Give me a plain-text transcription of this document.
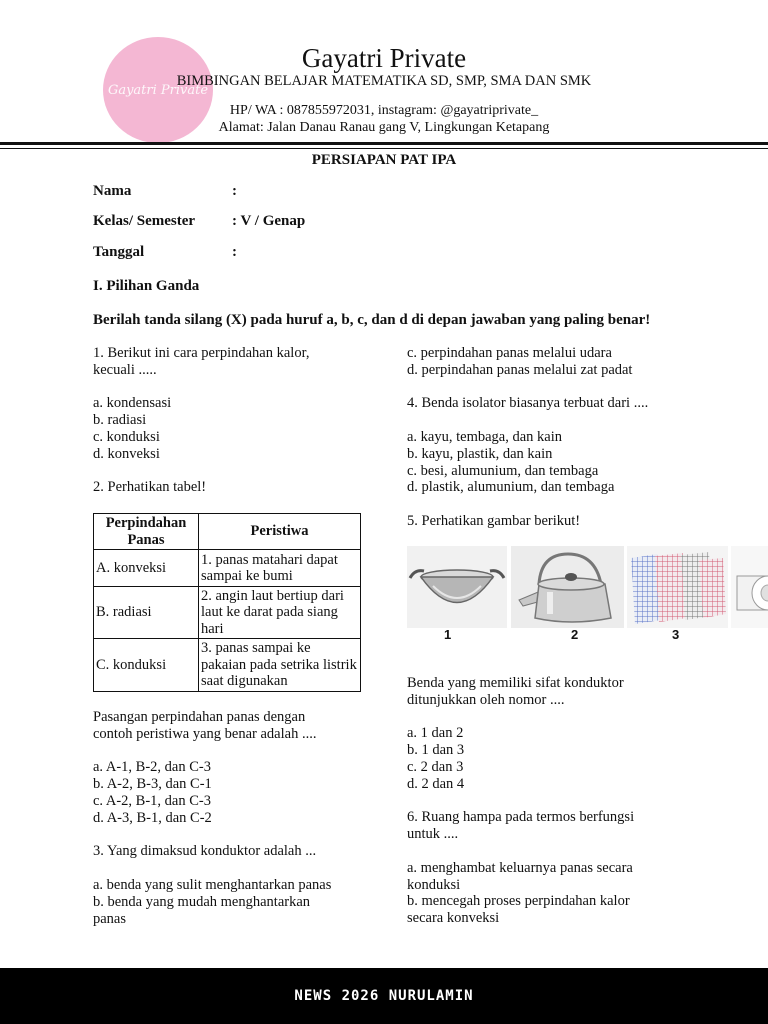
Gayatri Private
Gayatri Private
BIMBINGAN BELAJAR MATEMATIKA SD, SMP, SMA DAN SMK
HP/ WA : 087855972031, instagram: @gayatriprivate_
Alamat: Jalan Danau Ranau gang V, Lingkungan Ketapang
PERSIAPAN PAT IPA
Nama	:
Kelas/ Semester : V / Genap
Tanggal	:
I. Pilihan Ganda
Berilah tanda silang (X) pada huruf a, b, c, dan d di depan jawaban yang paling benar!
1. Berikut ini cara perpindahan kalor,
kecuali .....
a. kondensasi
b. radiasi
c. konduksi
d. konveksi
2. Perhatikan tabel!
Perpindahan Panas	Peristiwa
A. konveksi	1. panas matahari dapat sampai ke bumi
B. radiasi	2. angin laut bertiup dari laut ke darat pada siang hari
C. konduksi	3. panas sampai ke pakaian pada setrika listrik saat digunakan
Pasangan perpindahan panas dengan
contoh peristiwa yang benar adalah ....
a. A-1, B-2, dan C-3
b. A-2, B-3, dan C-1
c. A-2, B-1, dan C-3
d. A-3, B-1, dan C-2
3. Yang dimaksud konduktor adalah ...
a. benda yang sulit menghantarkan panas
b. benda yang mudah menghantarkan
panas
c. perpindahan panas melalui udara
d. perpindahan panas melalui zat padat
4. Benda isolator biasanya terbuat dari ....
a. kayu, tembaga, dan kain
b. kayu, plastik, dan kain
c. besi, alumunium, dan tembaga
d. plastik, alumunium, dan tembaga
5. Perhatikan gambar berikut!
1	2	3
Benda yang memiliki sifat konduktor
ditunjukkan oleh nomor ....
a. 1 dan 2
b. 1 dan 3
c. 2 dan 3
d. 2 dan 4
6. Ruang hampa pada termos berfungsi
untuk ....
a. menghambat keluarnya panas secara
konduksi
b. mencegah proses perpindahan kalor
secara konveksi
NEWS 2026 NURULAMIN
